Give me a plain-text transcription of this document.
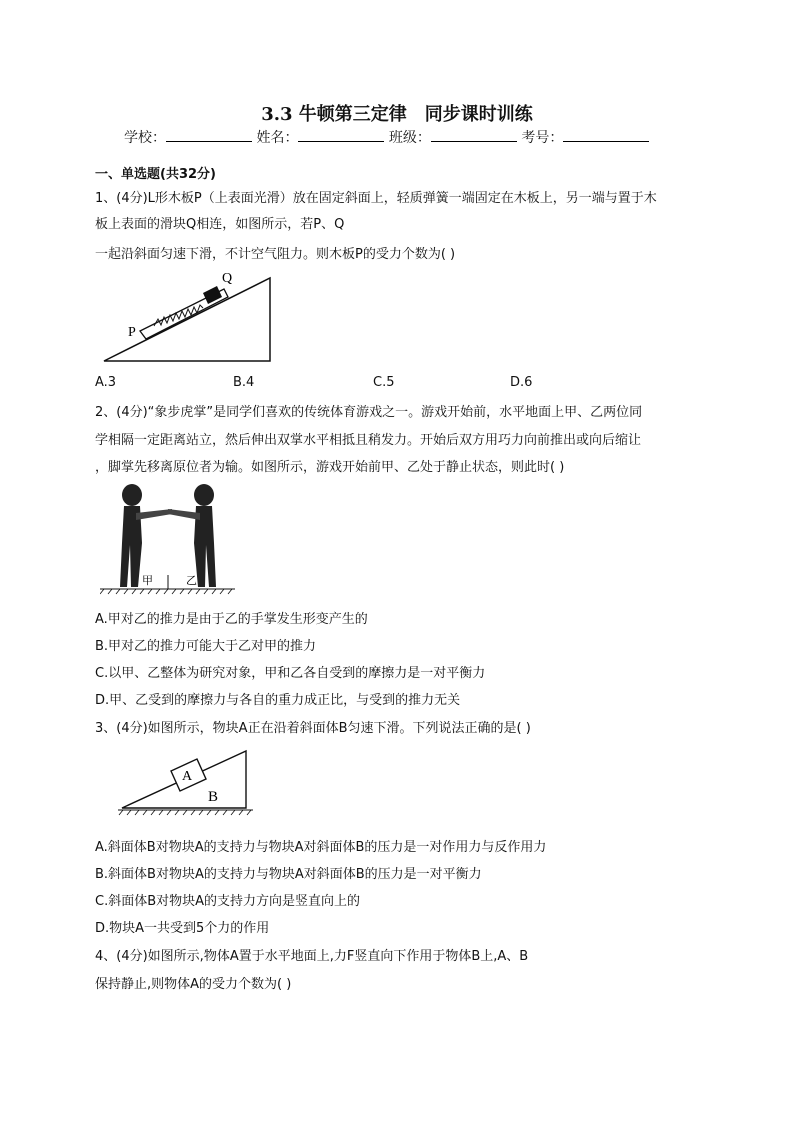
3.3 牛顿第三定律　同步课时训练
学校：	姓名：	班级：	考号：
一、单选题(共32分)
1、(4分)L形木板P（上表面光滑）放在固定斜面上，轻质弹簧一端固定在木板上，另一端与置于木
板上表面的滑块Q相连，如图所示，若P、Q
一起沿斜面匀速下滑，不计空气阻力。则木板P的受力个数为( )
P
Q
A.3	B.4	C.5	D.6
2、(4分)“象步虎掌”是同学们喜欢的传统体育游戏之一。游戏开始前，水平地面上甲、乙两位同
学相隔一定距离站立，然后伸出双掌水平相抵且稍发力。开始后双方用巧力向前推出或向后缩让
，脚掌先移离原位者为输。如图所示，游戏开始前甲、乙处于静止状态，则此时( )
甲	乙
A.甲对乙的推力是由于乙的手掌发生形变产生的
B.甲对乙的推力可能大于乙对甲的推力
C.以甲、乙整体为研究对象，甲和乙各自受到的摩擦力是一对平衡力
D.甲、乙受到的摩擦力与各自的重力成正比，与受到的推力无关
3、(4分)如图所示，物块A正在沿着斜面体B匀速下滑。下列说法正确的是( )
A
B
A.斜面体B对物块A的支持力与物块A对斜面体B的压力是一对作用力与反作用力
B.斜面体B对物块A的支持力与物块A对斜面体B的压力是一对平衡力
C.斜面体B对物块A的支持力方向是竖直向上的
D.物块A一共受到5个力的作用
4、(4分)如图所示,物体A置于水平地面上,力F竖直向下作用于物体B上,A、B
保持静止,则物体A的受力个数为( )
